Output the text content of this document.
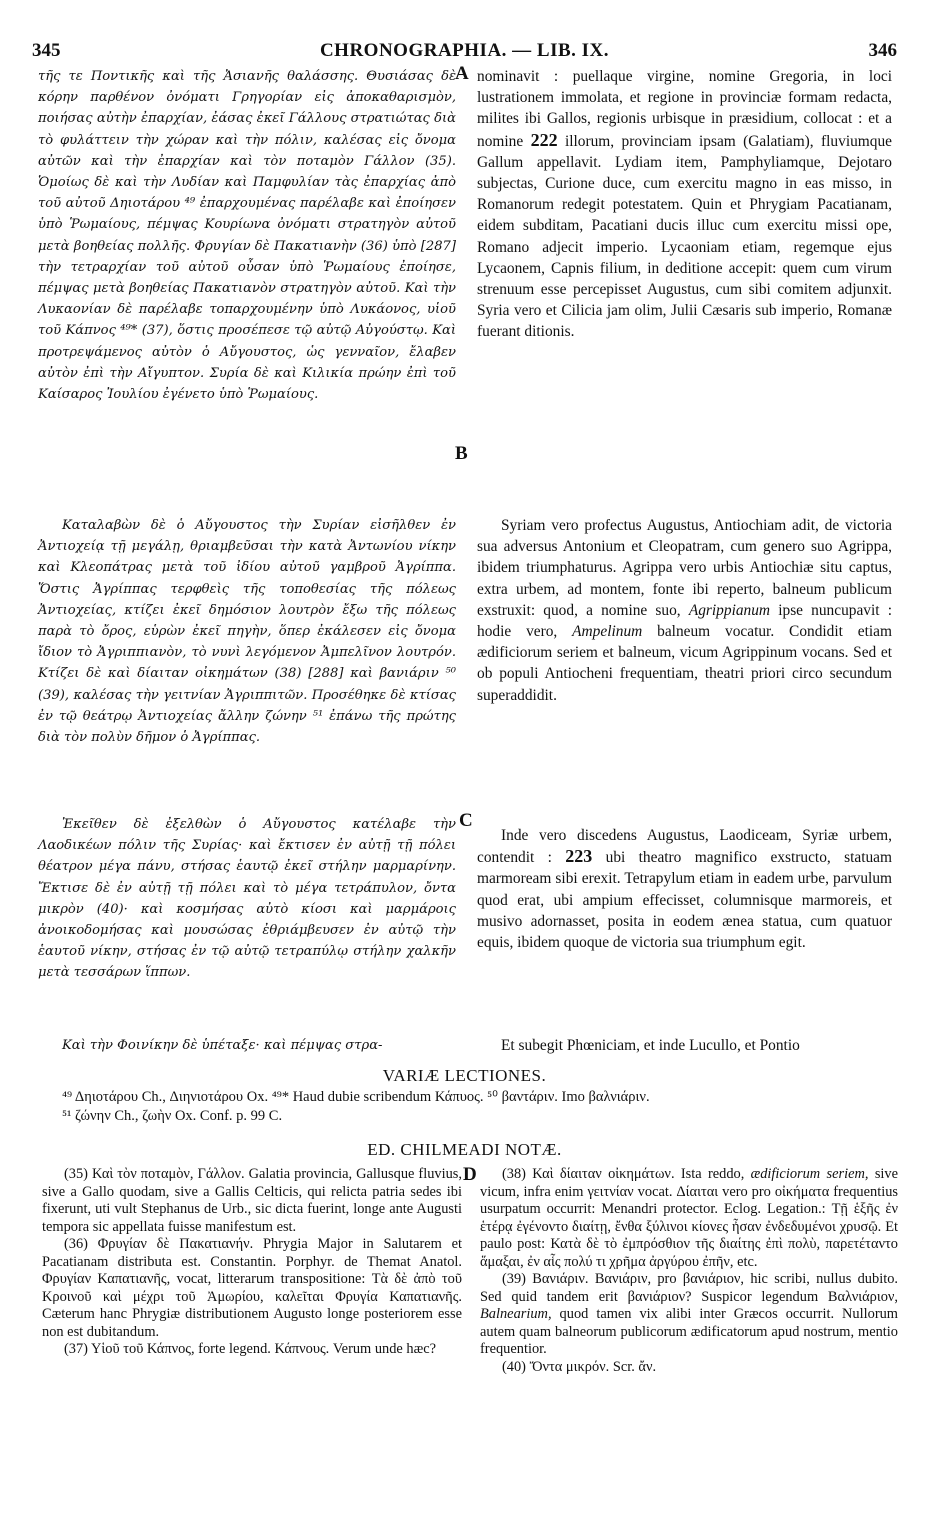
345	CHRONOGRAPHIA. — LIB. IX.	346

τῆς τε Ποντικῆς καὶ τῆς Ἀσιανῆς θαλάσσης. Θυσιάσας δὲ κόρην παρθένον ὀνόματι Γρηγορίαν εἰς ἀποκαθαρισμὸν, ποιήσας αὐτὴν ἐπαρχίαν, ἐάσας ἐκεῖ Γάλλους στρατιώτας διὰ τὸ φυλάττειν τὴν χώραν καὶ τὴν πόλιν, καλέσας εἰς ὄνομα αὐτῶν καὶ τὴν ἐπαρχίαν καὶ τὸν ποταμὸν Γάλλον (35). Ὁμοίως δὲ καὶ τὴν Λυδίαν καὶ Παμφυλίαν τὰς ἐπαρχίας ἀπὸ τοῦ αὐτοῦ Δηιοτάρου ⁴⁹ ἐπαρχουμένας παρέλαβε καὶ ἐποίησεν ὑπὸ Ῥωμαίους, πέμψας Κουρίωνα ὀνόματι στρατηγὸν αὐτοῦ μετὰ βοηθείας πολλῆς. Φρυγίαν δὲ Πακατιανὴν (36) ὑπὸ [287] τὴν τετραρχίαν τοῦ αὐτοῦ οὖσαν ὑπὸ Ῥωμαίους ἐποίησε, πέμψας μετὰ βοηθείας Πακατιανὸν στρατηγὸν αὐτοῦ. Καὶ τὴν Λυκαονίαν δὲ παρέλαβε τοπαρχουμένην ὑπὸ Λυκάονος, υἱοῦ τοῦ Κάπνος ⁴⁹* (37), ὅστις προσέπεσε τῷ αὐτῷ Αὐγούστῳ. Καὶ προτρεψάμενος αὐτὸν ὁ Αὔγουστος, ὡς γενναῖον, ἔλαβεν αὐτὸν ἐπὶ τὴν Αἴγυπτον. Συρία δὲ καὶ Κιλικία πρώην ἐπὶ τοῦ Καίσαρος Ἰουλίου ἐγένετο ὑπὸ Ῥωμαίους.

Καταλαβὼν δὲ ὁ Αὔγουστος τὴν Συρίαν εἰσῆλθεν ἐν Ἀντιοχείᾳ τῇ μεγάλῃ, θριαμβεῦσαι τὴν κατὰ Ἀντωνίου νίκην καὶ Κλεοπάτρας μετὰ τοῦ ἰδίου αὐτοῦ γαμβροῦ Ἀγρίππα. Ὅστις Ἀγρίππας τερφθεὶς τῆς τοποθεσίας τῆς πόλεως Ἀντιοχείας, κτίζει ἐκεῖ δημόσιον λουτρὸν ἔξω τῆς πόλεως παρὰ τὸ ὄρος, εὑρὼν ἐκεῖ πηγὴν, ὅπερ ἐκάλεσεν εἰς ὄνομα ἴδιον τὸ Ἀγριππιανὸν, τὸ νυνὶ λεγόμενον Ἀμπελῖνον λουτρόν. Κτίζει δὲ καὶ δίαιταν οἰκημάτων (38) [288] καὶ βανιάριν ⁵⁰ (39), καλέσας τὴν γειτνίαν Ἀγριππιτῶν. Προσέθηκε δὲ κτίσας ἐν τῷ θεάτρῳ Ἀντιοχείας ἄλλην ζώνην ⁵¹ ἐπάνω τῆς πρώτης διὰ τὸν πολὺν δῆμον ὁ Ἀγρίππας.

Ἐκεῖθεν δὲ ἐξελθὼν ὁ Αὔγουστος κατέλαβε τὴν Λαοδικέων πόλιν τῆς Συρίας· καὶ ἔκτισεν ἐν αὐτῇ τῇ πόλει θέατρον μέγα πάνυ, στήσας ἑαυτῷ ἐκεῖ στήλην μαρμαρίνην. Ἔκτισε δὲ ἐν αὐτῇ τῇ πόλει καὶ τὸ μέγα τετράπυλον, ὄντα μικρὸν (40)· καὶ κοσμήσας αὐτὸ κίοσι καὶ μαρμάροις ἀνοικοδομήσας καὶ μουσώσας ἐθριάμβευσεν ἐν αὐτῷ τὴν ἑαυτοῦ νίκην, στήσας ἐν τῷ αὐτῷ τετραπύλῳ στήλην χαλκῆν μετὰ τεσσάρων ἵππων.

Καὶ τὴν Φοινίκην δὲ ὑπέταξε· καὶ πέμψας στρα-

nominavit : puellaque virgine, nomine Gregoria, in loci lustrationem immolata, et regione in provinciæ formam redacta, milites ibi Gallos, regionis urbisque in præsidium, collocat : et a nomine 222 illorum, provinciam ipsam (Galatiam), fluviumque Gallum appellavit. Lydiam item, Pamphyliamque, Dejotaro subjectas, Curione duce, cum exercitu magno in eas misso, in Romanorum redegit potestatem. Quin et Phrygiam Pacatianam, eidem subditam, Pacatiani ducis illuc cum exercitu missi ope, Romano adjecit imperio. Lycaoniam etiam, regemque ejus Lycaonem, Capnis filium, in deditione accepit: quem cum virum strenuum esse percepisset Augustus, cum sibi comitem adjunxit. Syria vero et Cilicia jam olim, Julii Cæsaris sub imperio, Romanæ fuerant ditionis.

Syriam vero profectus Augustus, Antiochiam adit, de victoria sua adversus Antonium et Cleopatram, cum genero suo Agrippa, ibidem triumphaturus. Agrippa vero urbis Antiochiæ situ captus, extra urbem, ad montem, fonte ibi reperto, balneum publicum exstruxit: quod, a nomine suo, Agrippianum ipse nuncupavit : hodie vero, Ampelinum balneum vocatur. Condidit etiam ædificiorum seriem et balneum, vicum Agrippinum vocans. Sed et ob populi Antiocheni frequentiam, theatri priori circo secundum superaddidit.

Inde vero discedens Augustus, Laodiceam, Syriæ urbem, contendit : 223 ubi theatro magnifico exstructo, statuam marmoream sibi erexit. Tetrapylum etiam in eadem urbe, parvulum quod erat, ubi ampium effecisset, columnisque marmoreis, et musivo adornasset, posita in eodem ænea statua, cum quatuor equis, ibidem quoque de victoria sua triumphum egit.

Et subegit Phœniciam, et inde Lucullo, et Pontio

A
B
C
D
VARIÆ LECTIONES.

⁴⁹ Δηιοτάρου Ch., Διηνιοτάρου Ox. ⁴⁹* Haud dubie scribendum Κάπυος. ⁵⁰ βαντάριν. Imo βαλνιάριν.

⁵¹ ζώνην Ch., ζωὴν Ox. Conf. p. 99 C.

ED. CHILMEADI NOTÆ.

(35) Καὶ τὸν ποταμὸν, Γάλλον. Galatia provincia, Gallusque fluvius, sive a Gallo quodam, sive a Gallis Celticis, qui relicta patria sedes ibi fixerunt, uti vult Stephanus de Urb., sic dicta fuerint, longe ante Augusti tempora sic appellata fuisse manifestum est.

(36) Φρυγίαν δὲ Πακατιανήν. Phrygia Major in Salutarem et Pacatianam distributa est. Constantin. Porphyr. de Themat Anatol. Φρυγίαν Καπατιανῆς, vocat, litterarum transpositione: Τὰ δὲ ἀπὸ τοῦ Κροινοῦ καὶ μέχρι τοῦ Ἀμωρίου, καλεῖται Φρυγία Καπατιανῆς. Cæterum hanc Phrygiæ distributionem Augusto longe posteriorem esse non est dubitandum.

(37) Υἱοῦ τοῦ Κάπνος, forte legend. Κάπνους. Verum unde hæc?

(38) Καὶ δίαιταν οἰκημάτων. Ista reddo, ædificiorum seriem, sive vicum, infra enim γειτνίαν vocat. Δίαιται vero pro οἰκήματα frequentius usurpatum occurrit: Menandri protector. Eclog. Legation.: Τῇ ἑξῆς ἐν ἑτέρᾳ ἐγένοντο διαίτῃ, ἔνθα ξύλινοι κίονες ἦσαν ἐνδεδυμένοι χρυσῷ. Et paulo post: Κατὰ δὲ τὸ ἐμπρόσθιον τῆς διαίτης ἐπὶ πολὺ, παρετέταντο ἅμαξαι, ἐν αἷς πολύ τι χρῆμα ἀργύρου ἐπῆν, etc.

(39) Βανιάριν. Βανιάριν, pro βανιάριον, hic scribi, nullus dubito. Sed quid tandem erit βανιάριον? Suspicor legendum Βαλνιάριον, Balnearium, quod tamen vix alibi inter Græcos occurrit. Nullorum autem quam balneorum publicorum ædificatorum apud nostrum, mentio frequentior.

(40) Ὄντα μικρόν. Scr. ἄν.
